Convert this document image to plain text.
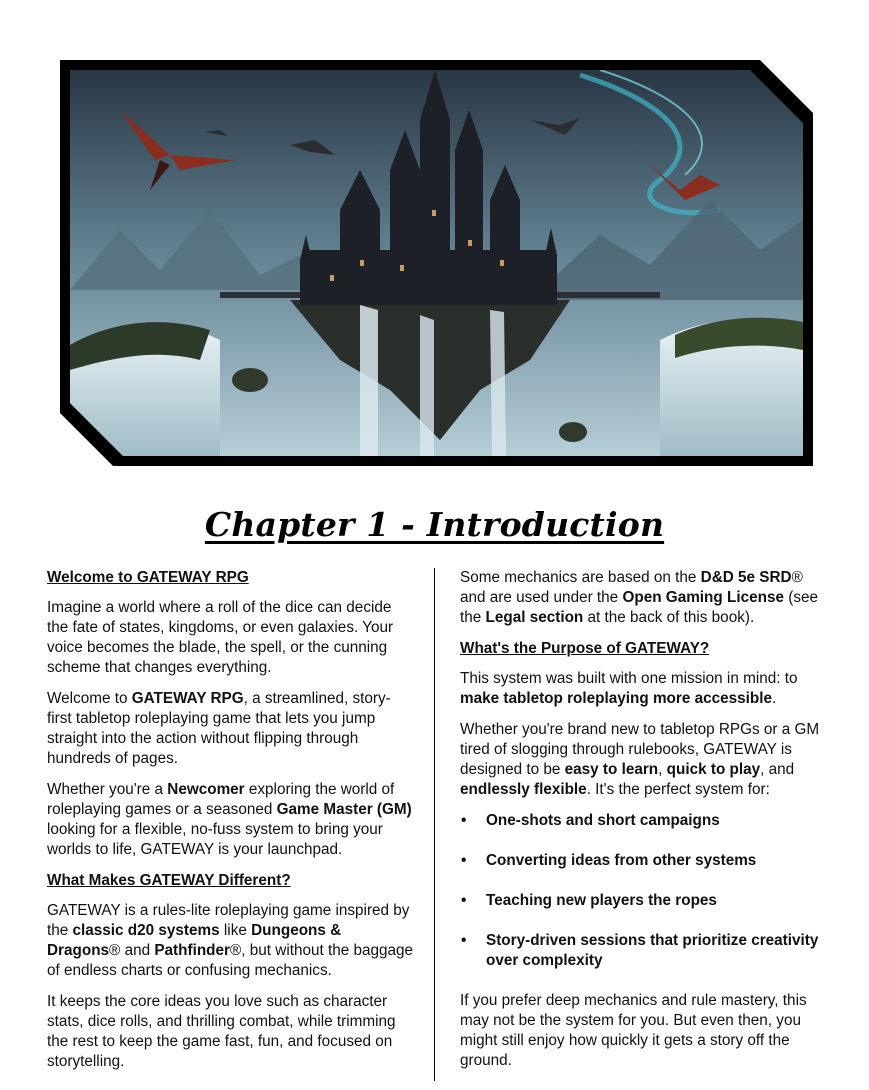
Chapter 1 - Introduction
Welcome to GATEWAY RPG

Imagine a world where a roll of the dice can decide the fate of states, kingdoms, or even galaxies. Your voice becomes the blade, the spell, or the cunning scheme that changes everything.

Welcome to GATEWAY RPG, a streamlined, story-first tabletop roleplaying game that lets you jump straight into the action without flipping through hundreds of pages.

Whether you're a Newcomer exploring the world of roleplaying games or a seasoned Game Master (GM) looking for a flexible, no-fuss system to bring your worlds to life, GATEWAY is your launchpad.

What Makes GATEWAY Different?

GATEWAY is a rules-lite roleplaying game inspired by the classic d20 systems like Dungeons & Dragons® and Pathfinder®, but without the baggage of endless charts or confusing mechanics.

It keeps the core ideas you love such as character stats, dice rolls, and thrilling combat, while trimming the rest to keep the game fast, fun, and focused on storytelling.

Some mechanics are based on the D&D 5e SRD® and are used under the Open Gaming License (see the Legal section at the back of this book).

What's the Purpose of GATEWAY?

This system was built with one mission in mind: to make tabletop roleplaying more accessible.

Whether you're brand new to tabletop RPGs or a GM tired of slogging through rulebooks, GATEWAY is designed to be easy to learn, quick to play, and endlessly flexible. It's the perfect system for:

• One-shots and short campaigns
• Converting ideas from other systems
• Teaching new players the ropes
• Story-driven sessions that prioritize creativity over complexity

If you prefer deep mechanics and rule mastery, this may not be the system for you. But even then, you might still enjoy how quickly it gets a story off the ground.
